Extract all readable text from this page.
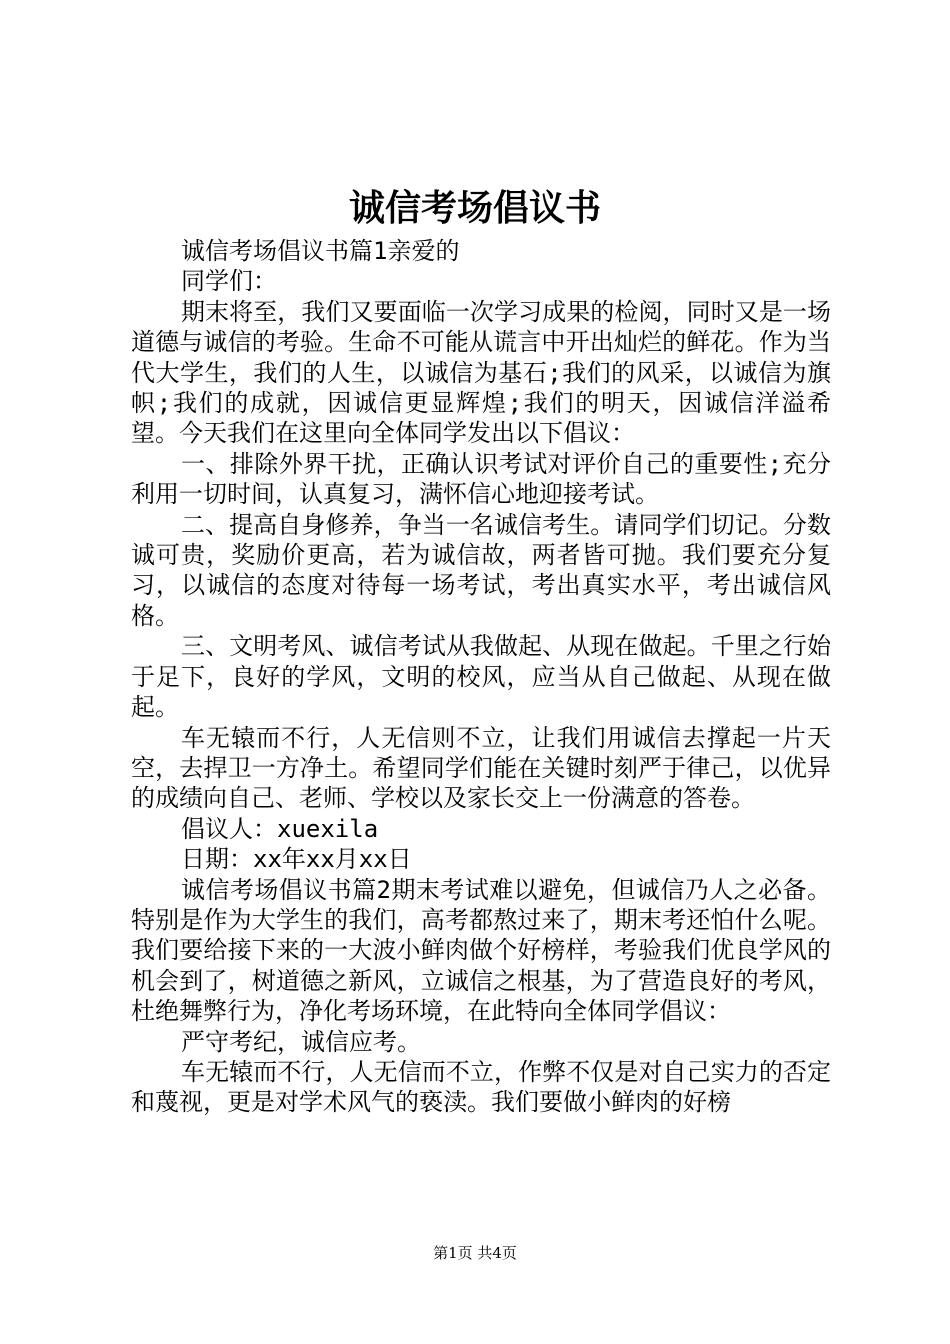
诚信考场倡议书

诚信考场倡议书篇1亲爱的

同学们：

期末将至，我们又要面临一次学习成果的检阅，同时又是一场道德与诚信的考验。生命不可能从谎言中开出灿烂的鲜花。作为当代大学生，我们的人生，以诚信为基石;我们的风采，以诚信为旗帜;我们的成就，因诚信更显辉煌;我们的明天，因诚信洋溢希望。今天我们在这里向全体同学发出以下倡议：

一、排除外界干扰，正确认识考试对评价自己的重要性;充分利用一切时间，认真复习，满怀信心地迎接考试。

二、提高自身修养，争当一名诚信考生。请同学们切记。分数诚可贵，奖励价更高，若为诚信故，两者皆可抛。我们要充分复习，以诚信的态度对待每一场考试，考出真实水平，考出诚信风格。

三、文明考风、诚信考试从我做起、从现在做起。千里之行始于足下，良好的学风，文明的校风，应当从自己做起、从现在做起。

车无辕而不行，人无信则不立，让我们用诚信去撑起一片天空，去捍卫一方净土。希望同学们能在关键时刻严于律己，以优异的成绩向自己、老师、学校以及家长交上一份满意的答卷。

倡议人：xuexila

日期：xx年xx月xx日

诚信考场倡议书篇2期末考试难以避免，但诚信乃人之必备。特别是作为大学生的我们，高考都熬过来了，期末考还怕什么呢。我们要给接下来的一大波小鲜肉做个好榜样，考验我们优良学风的机会到了，树道德之新风，立诚信之根基，为了营造良好的考风，杜绝舞弊行为，净化考场环境，在此特向全体同学倡议：

严守考纪，诚信应考。

车无辕而不行，人无信而不立，作弊不仅是对自己实力的否定和蔑视，更是对学术风气的亵渎。我们要做小鲜肉的好榜

第1页 共4页
